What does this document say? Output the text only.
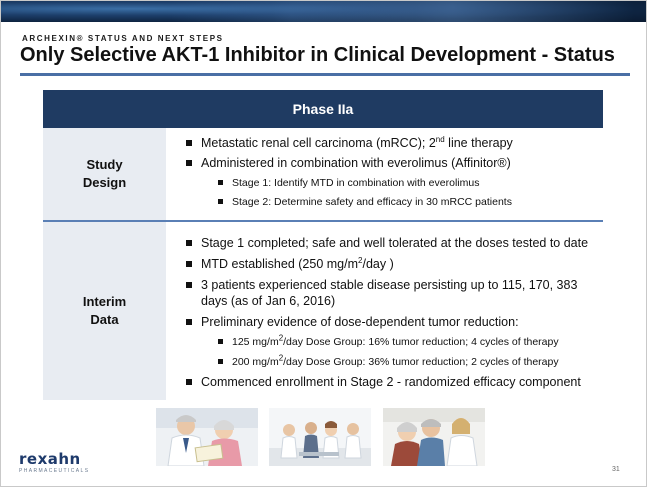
ARCHEXIN® STATUS AND NEXT STEPS
Only Selective AKT-1 Inhibitor in Clinical Development - Status
Phase IIa
Study
Design
Metastatic renal cell carcinoma (mRCC); 2nd line therapy
Administered in combination with everolimus (Affinitor®)
Stage 1: Identify MTD in combination with everolimus
Stage 2: Determine safety and efficacy in 30 mRCC patients
Interim
Data
Stage 1 completed; safe and well tolerated at the doses tested to date
MTD established (250 $mg/m^2$/day )
3 patients experienced stable disease persisting up to 115, 170, 383 days (as of Jan 6, 2016)
Preliminary evidence of dose-dependent tumor reduction:
125 $mg/m^2$/day Dose Group: 16% tumor reduction; 4 cycles of therapy
200 $mg/m^2$/day Dose Group: 36% tumor reduction; 2 cycles of therapy
Commenced enrollment in Stage 2 - randomized efficacy component
rexahn
PHARMACEUTICALS	31
